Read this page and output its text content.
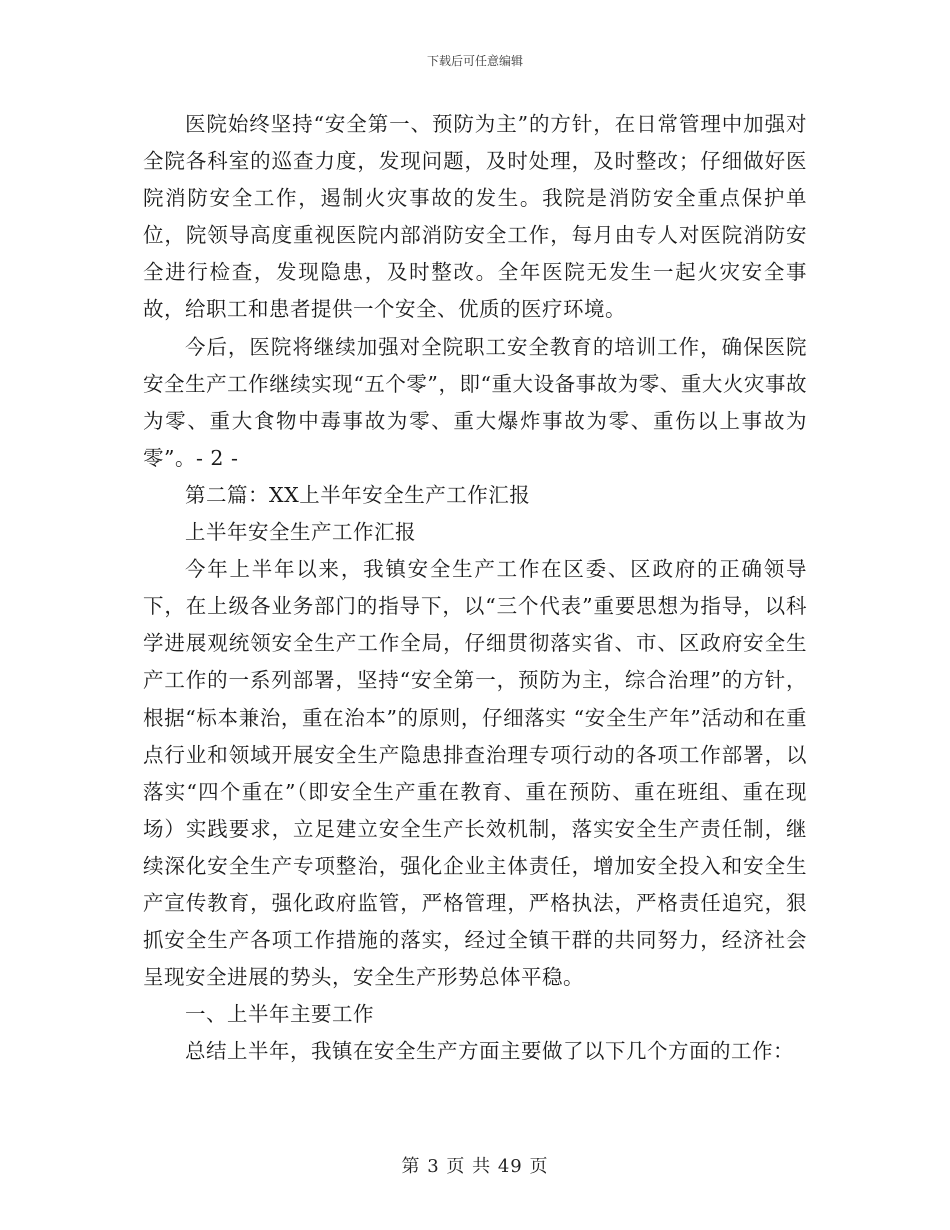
下载后可任意编辑

医院始终坚持“安全第一、预防为主”的方针，在日常管理中加强对全院各科室的巡查力度，发现问题，及时处理，及时整改；仔细做好医院消防安全工作，遏制火灾事故的发生。我院是消防安全重点保护单位，院领导高度重视医院内部消防安全工作，每月由专人对医院消防安全进行检查，发现隐患，及时整改。全年医院无发生一起火灾安全事故，给职工和患者提供一个安全、优质的医疗环境。

今后，医院将继续加强对全院职工安全教育的培训工作，确保医院安全生产工作继续实现“五个零”，即“重大设备事故为零、重大火灾事故为零、重大食物中毒事故为零、重大爆炸事故为零、重伤以上事故为零”。- 2 -

第二篇：XX上半年安全生产工作汇报

上半年安全生产工作汇报

今年上半年以来，我镇安全生产工作在区委、区政府的正确领导下，在上级各业务部门的指导下，以“三个代表”重要思想为指导，以科学进展观统领安全生产工作全局，仔细贯彻落实省、市、区政府安全生产工作的一系列部署，坚持“安全第一，预防为主，综合治理”的方针，根据“标本兼治，重在治本”的原则，仔细落实 “安全生产年”活动和在重点行业和领域开展安全生产隐患排查治理专项行动的各项工作部署，以落实“四个重在”（即安全生产重在教育、重在预防、重在班组、重在现场）实践要求，立足建立安全生产长效机制，落实安全生产责任制，继续深化安全生产专项整治，强化企业主体责任，增加安全投入和安全生产宣传教育，强化政府监管，严格管理，严格执法，严格责任追究，狠抓安全生产各项工作措施的落实，经过全镇干群的共同努力，经济社会呈现安全进展的势头，安全生产形势总体平稳。

一、上半年主要工作

总结上半年，我镇在安全生产方面主要做了以下几个方面的工作：

第 3 页 共 49 页
